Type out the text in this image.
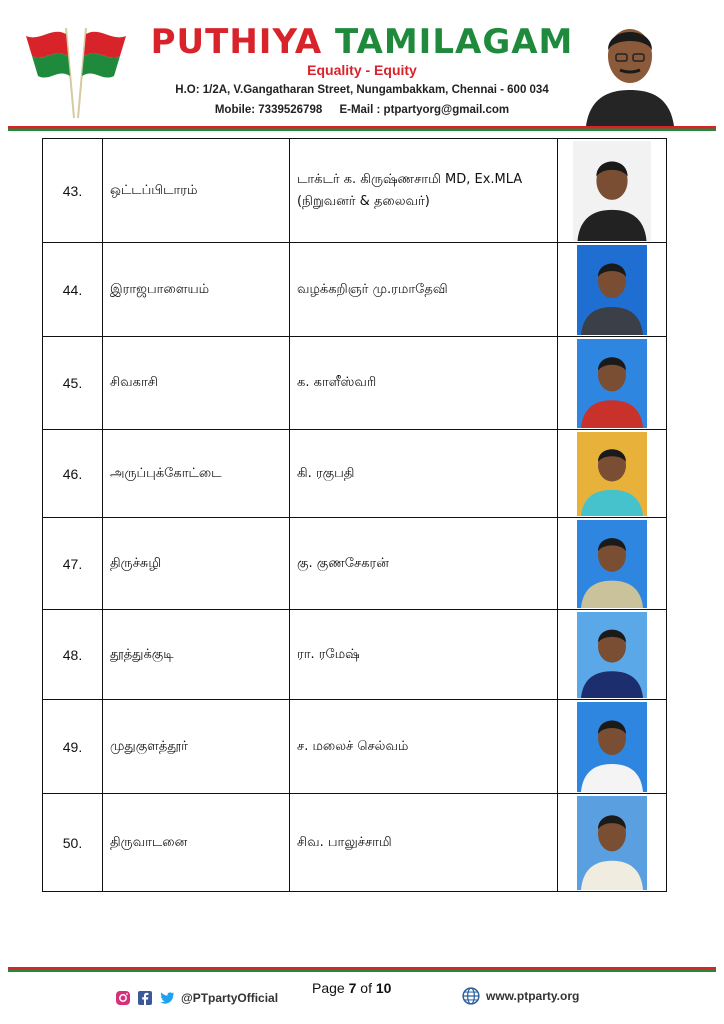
PUTHIYA TAMILAGAM
Equality - Equity
H.O: 1/2A, V.Gangatharan Street, Nungambakkam, Chennai - 600 034
Mobile: 7339526798 E-Mail : ptpartyorg@gmail.com
43.	ஒட்டப்பிடாரம்	டாக்டர் க. கிருஷ்ணசாமி MD, Ex.MLA
(நிறுவனர் & தலைவர்)

44.	இராஜபாளையம்	வழக்கறிஞர் மு.ரமாதேவி

45.	சிவகாசி	க. காளீஸ்வரி

46.	அருப்புக்கோட்டை	கி. ரகுபதி

47.	திருச்சுழி	கு. குணசேகரன்

48.	தூத்துக்குடி	ரா. ரமேஷ்

49.	முதுகுளத்தூர்	ச. மலைச் செல்வம்

50.	திருவாடனை	சிவ. பாலுச்சாமி

Page 7 of 10
@PTpartyOfficial	www.ptparty.org
